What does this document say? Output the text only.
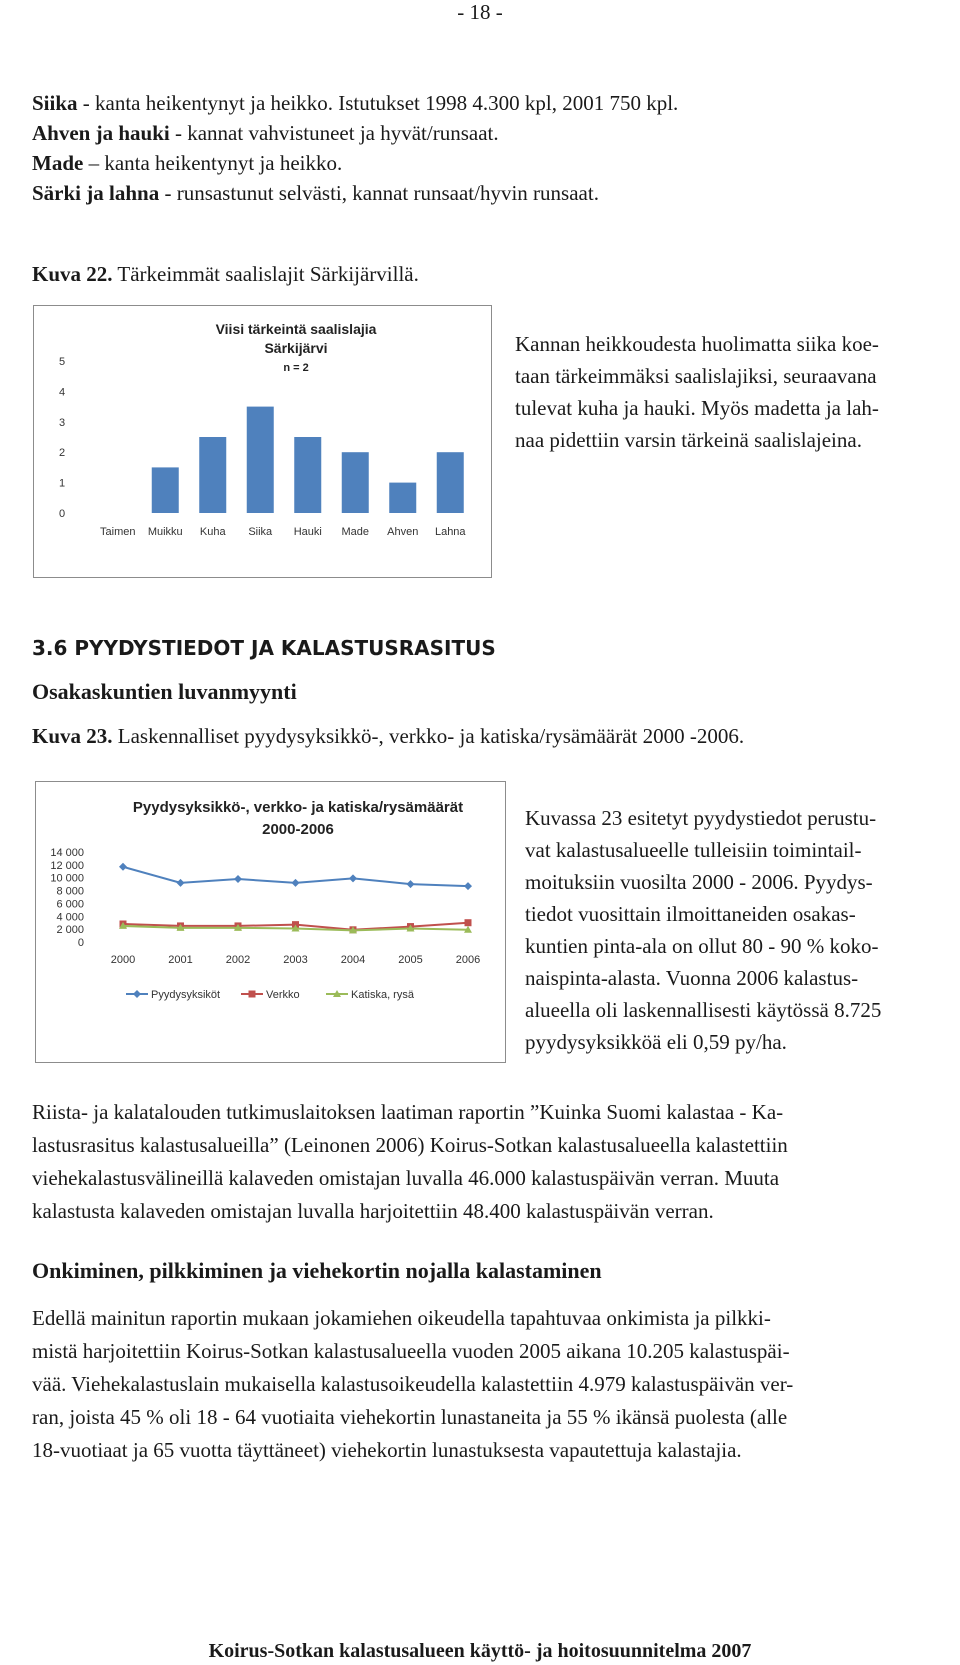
- 18 -
Siika - kanta heikentynyt ja heikko. Istutukset 1998 4.300 kpl, 2001 750 kpl.
Ahven ja hauki - kannat vahvistuneet ja hyvät/runsaat.
Made – kanta heikentynyt ja heikko.
Särki ja lahna - runsastunut selvästi, kannat runsaat/hyvin runsaat.
Kuva 22. Tärkeimmät saalislajit Särkijärvillä.
Viisi tärkeintä saalislajia
Särkijärvi
n = 2
0
1
2
3
4
5
Taimen Muikku Kuha Siika Hauki Made Ahven Lahna
Kannan heikkoudesta huolimatta siika koe-
taan tärkeimmäksi saalislajiksi, seuraavana
tulevat kuha ja hauki. Myös madetta ja lah-
naa pidettiin varsin tärkeinä saalislajeina.
3.6 PYYDYSTIEDOT JA KALASTUSRASITUS
Osakaskuntien luvanmyynti
Kuva 23. Laskennalliset pyydysyksikkö-, verkko- ja katiska/rysämäärät 2000 -2006.
Pyydysyksikkö-, verkko- ja katiska/rysämäärät
2000-2006
0
2 000
4 000
6 000
8 000
10 000
12 000
14 000
2000	2001	2002	2003	2004	2005	2006
Pyydysyksiköt	Verkko	Katiska, rysä
Kuvassa 23 esitetyt pyydystiedot perustu-
vat kalastusalueelle tulleisiin toimintail-
moituksiin vuosilta 2000 - 2006. Pyydys-
tiedot vuosittain ilmoittaneiden osakas-
kuntien pinta-ala on ollut 80 - 90 % koko-
naispinta-alasta. Vuonna 2006 kalastus-
alueella oli laskennallisesti käytössä 8.725
pyydysyksikköä eli 0,59 py/ha.
Riista- ja kalatalouden tutkimuslaitoksen laatiman raportin ”Kuinka Suomi kalastaa - Ka-
lastusrasitus kalastusalueilla” (Leinonen 2006) Koirus-Sotkan kalastusalueella kalastettiin
viehekalastusvälineillä kalaveden omistajan luvalla 46.000 kalastuspäivän verran. Muuta
kalastusta kalaveden omistajan luvalla harjoitettiin 48.400 kalastuspäivän verran.
Onkiminen, pilkkiminen ja viehekortin nojalla kalastaminen
Edellä mainitun raportin mukaan jokamiehen oikeudella tapahtuvaa onkimista ja pilkki-
mistä harjoitettiin Koirus-Sotkan kalastusalueella vuoden 2005 aikana 10.205 kalastuspäi-
vää. Viehekalastuslain mukaisella kalastusoikeudella kalastettiin 4.979 kalastuspäivän ver-
ran, joista 45 % oli 18 - 64 vuotiaita viehekortin lunastaneita ja 55 % ikänsä puolesta (alle
18-vuotiaat ja 65 vuotta täyttäneet) viehekortin lunastuksesta vapautettuja kalastajia.
Koirus-Sotkan kalastusalueen käyttö- ja hoitosuunnitelma 2007
